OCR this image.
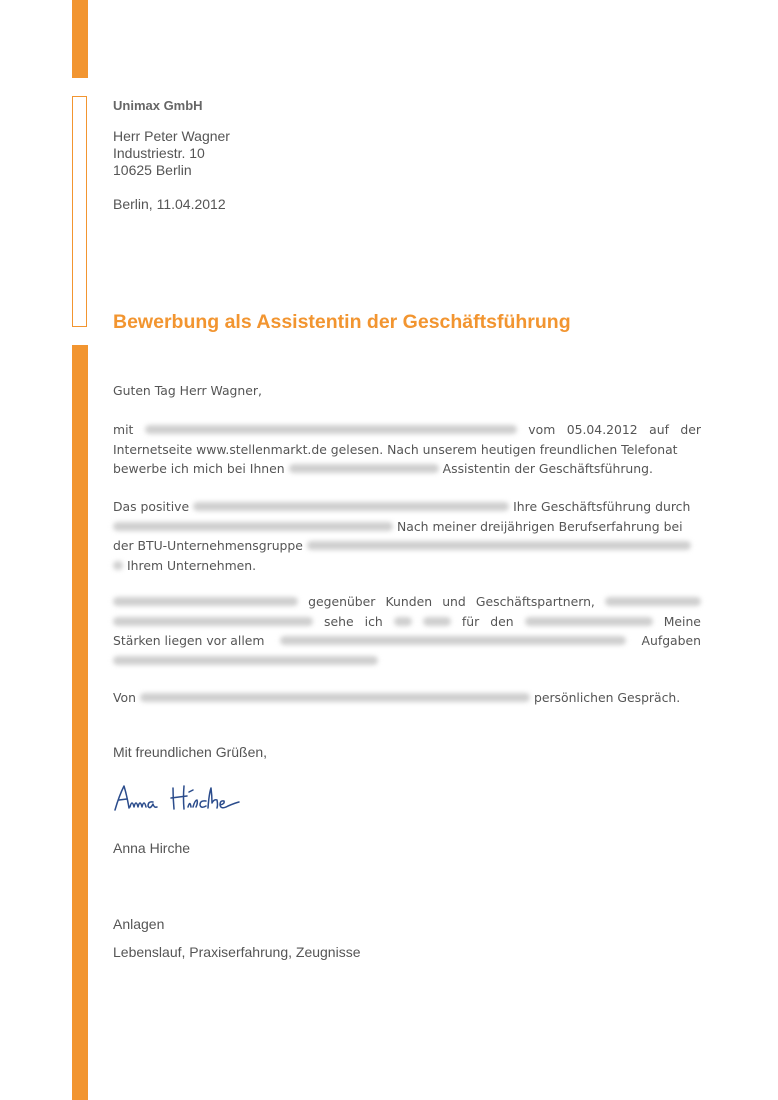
Unimax GmbH
Herr Peter Wagner
Industriestr. 10
10625 Berlin
Berlin, 11.04.2012
Bewerbung als Assistentin der Geschäftsführung
Guten Tag Herr Wagner,
mit	vom 05.04.2012 auf der
Internetseite www.stellenmarkt.de gelesen. Nach unserem heutigen freundlichen Telefonat
bewerbe ich mich bei Ihnen	Assistentin der Geschäftsführung.
Das positive	Ihre Geschäftsführung durch
Nach meiner dreijährigen Berufserfahrung bei
der BTU-Unternehmensgruppe
Ihrem Unternehmen.
gegenüber Kunden und Geschäftspartnern,
sehe ich	für den	Meine
Stärken liegen vor allem	Aufgaben
Von	persönlichen Gespräch.
Mit freundlichen Grüßen,
Anna Hirche
Anlagen
Lebenslauf, Praxiserfahrung, Zeugnisse
